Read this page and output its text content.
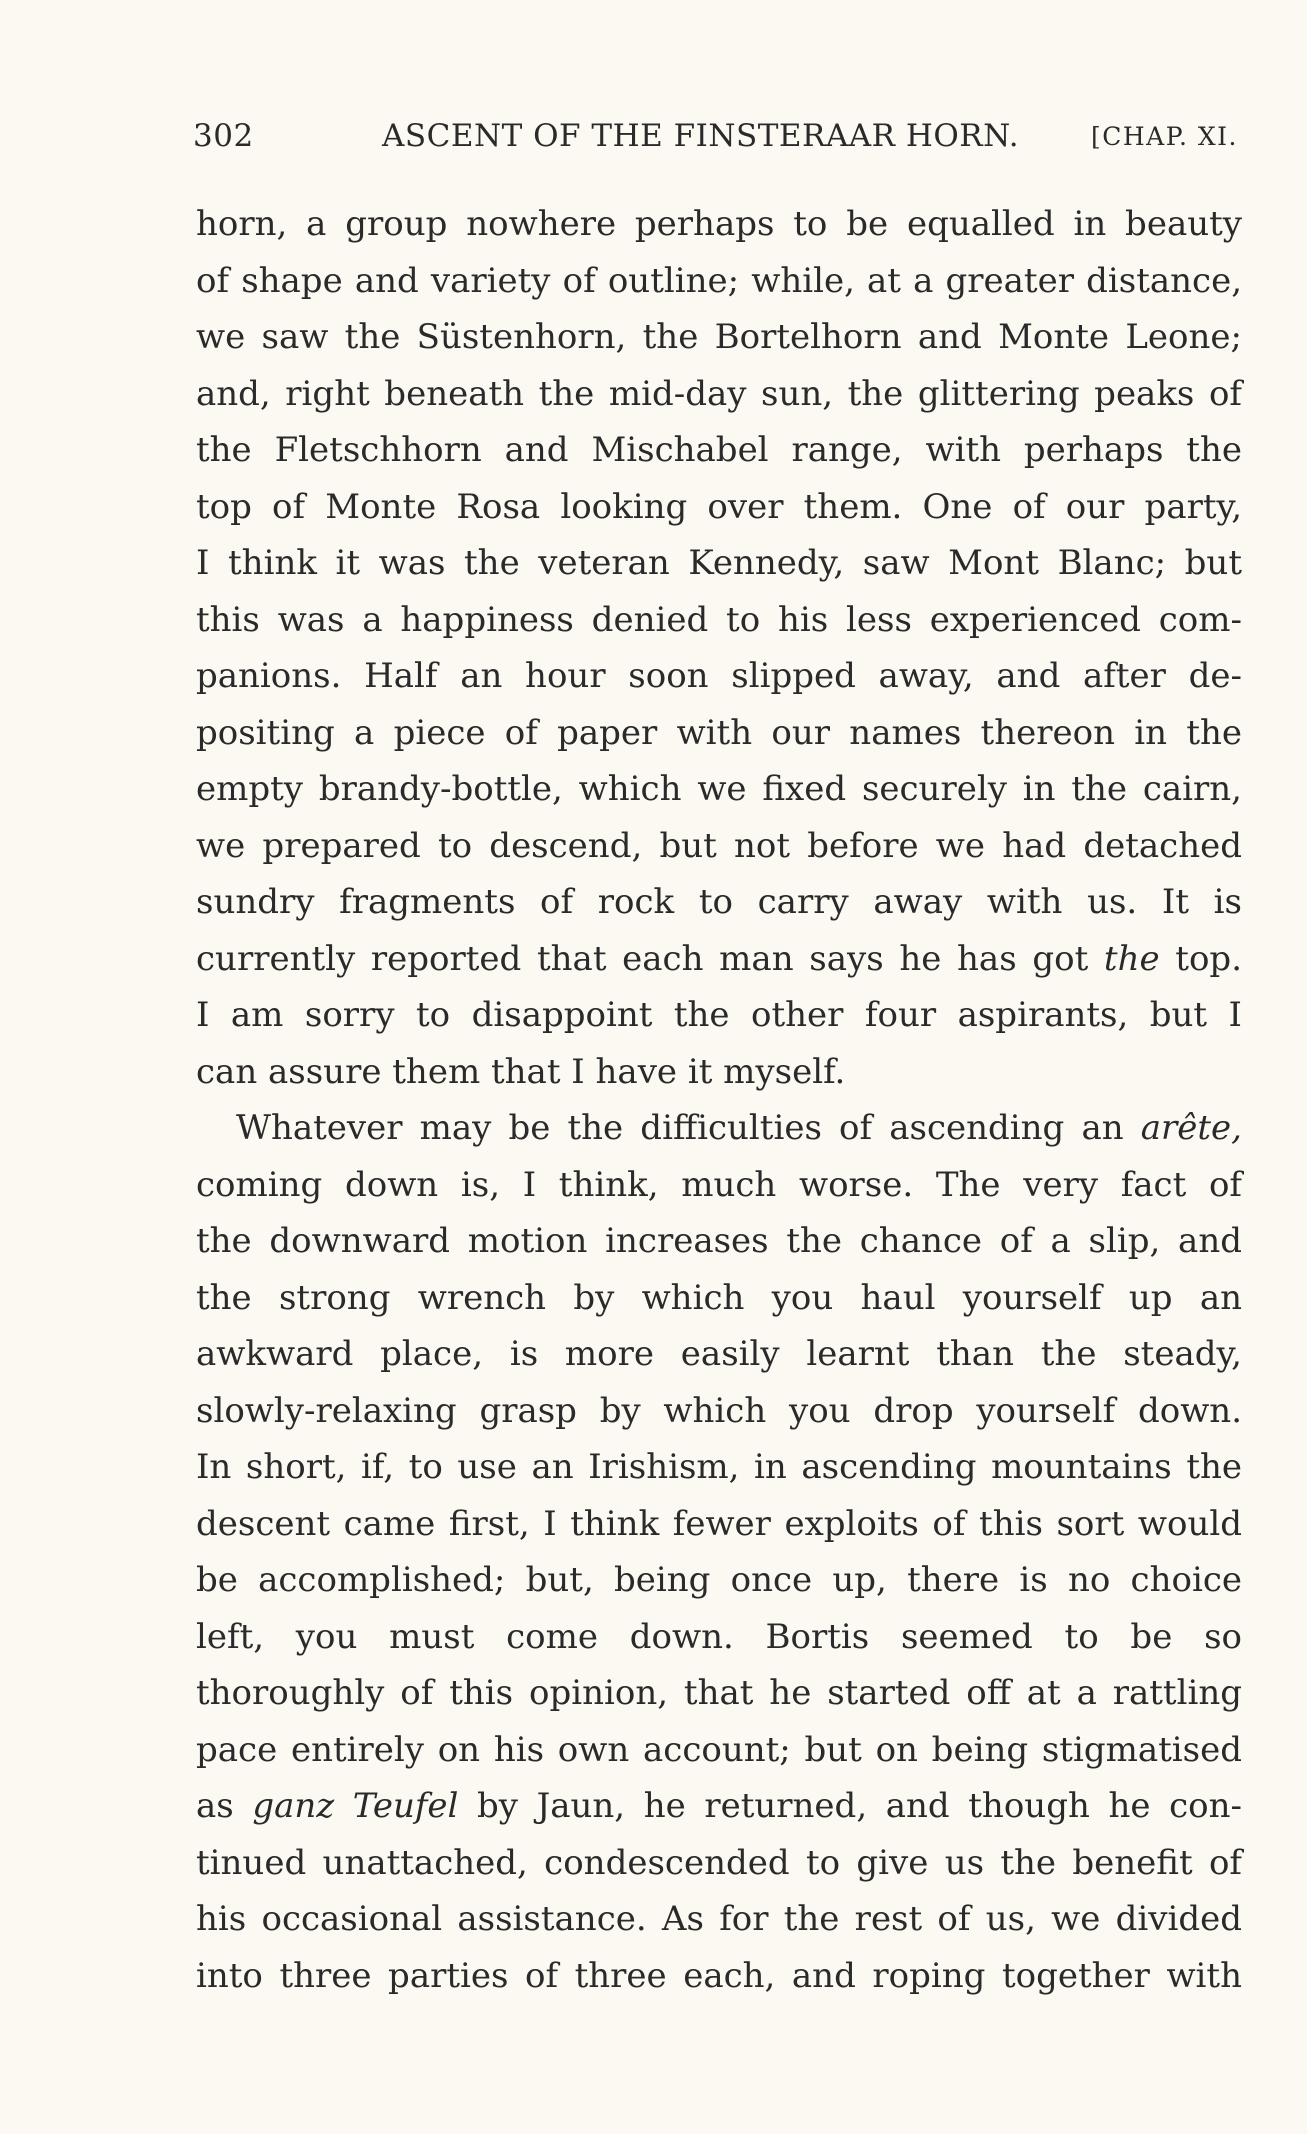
302	ASCENT OF THE FINSTERAAR HORN.	[CHAP. XI.
horn, a group nowhere perhaps to be equalled in beauty
of shape and variety of outline; while, at a greater distance,
we saw the Süstenhorn, the Bortelhorn and Monte Leone;
and, right beneath the mid-day sun, the glittering peaks of
the Fletschhorn and Mischabel range, with perhaps the
top of Monte Rosa looking over them. One of our party,
I think it was the veteran Kennedy, saw Mont Blanc; but
this was a happiness denied to his less experienced com-
panions. Half an hour soon slipped away, and after de-
positing a piece of paper with our names thereon in the
empty brandy-bottle, which we fixed securely in the cairn,
we prepared to descend, but not before we had detached
sundry fragments of rock to carry away with us. It is
currently reported that each man says he has got the top.
I am sorry to disappoint the other four aspirants, but I
can assure them that I have it myself.
Whatever may be the difficulties of ascending an arête,
coming down is, I think, much worse. The very fact of
the downward motion increases the chance of a slip, and
the strong wrench by which you haul yourself up an
awkward place, is more easily learnt than the steady,
slowly-relaxing grasp by which you drop yourself down.
In short, if, to use an Irishism, in ascending mountains the
descent came first, I think fewer exploits of this sort would
be accomplished; but, being once up, there is no choice
left, you must come down. Bortis seemed to be so
thoroughly of this opinion, that he started off at a rattling
pace entirely on his own account; but on being stigmatised
as ganz Teufel by Jaun, he returned, and though he con-
tinued unattached, condescended to give us the benefit of
his occasional assistance. As for the rest of us, we divided
into three parties of three each, and roping together with
